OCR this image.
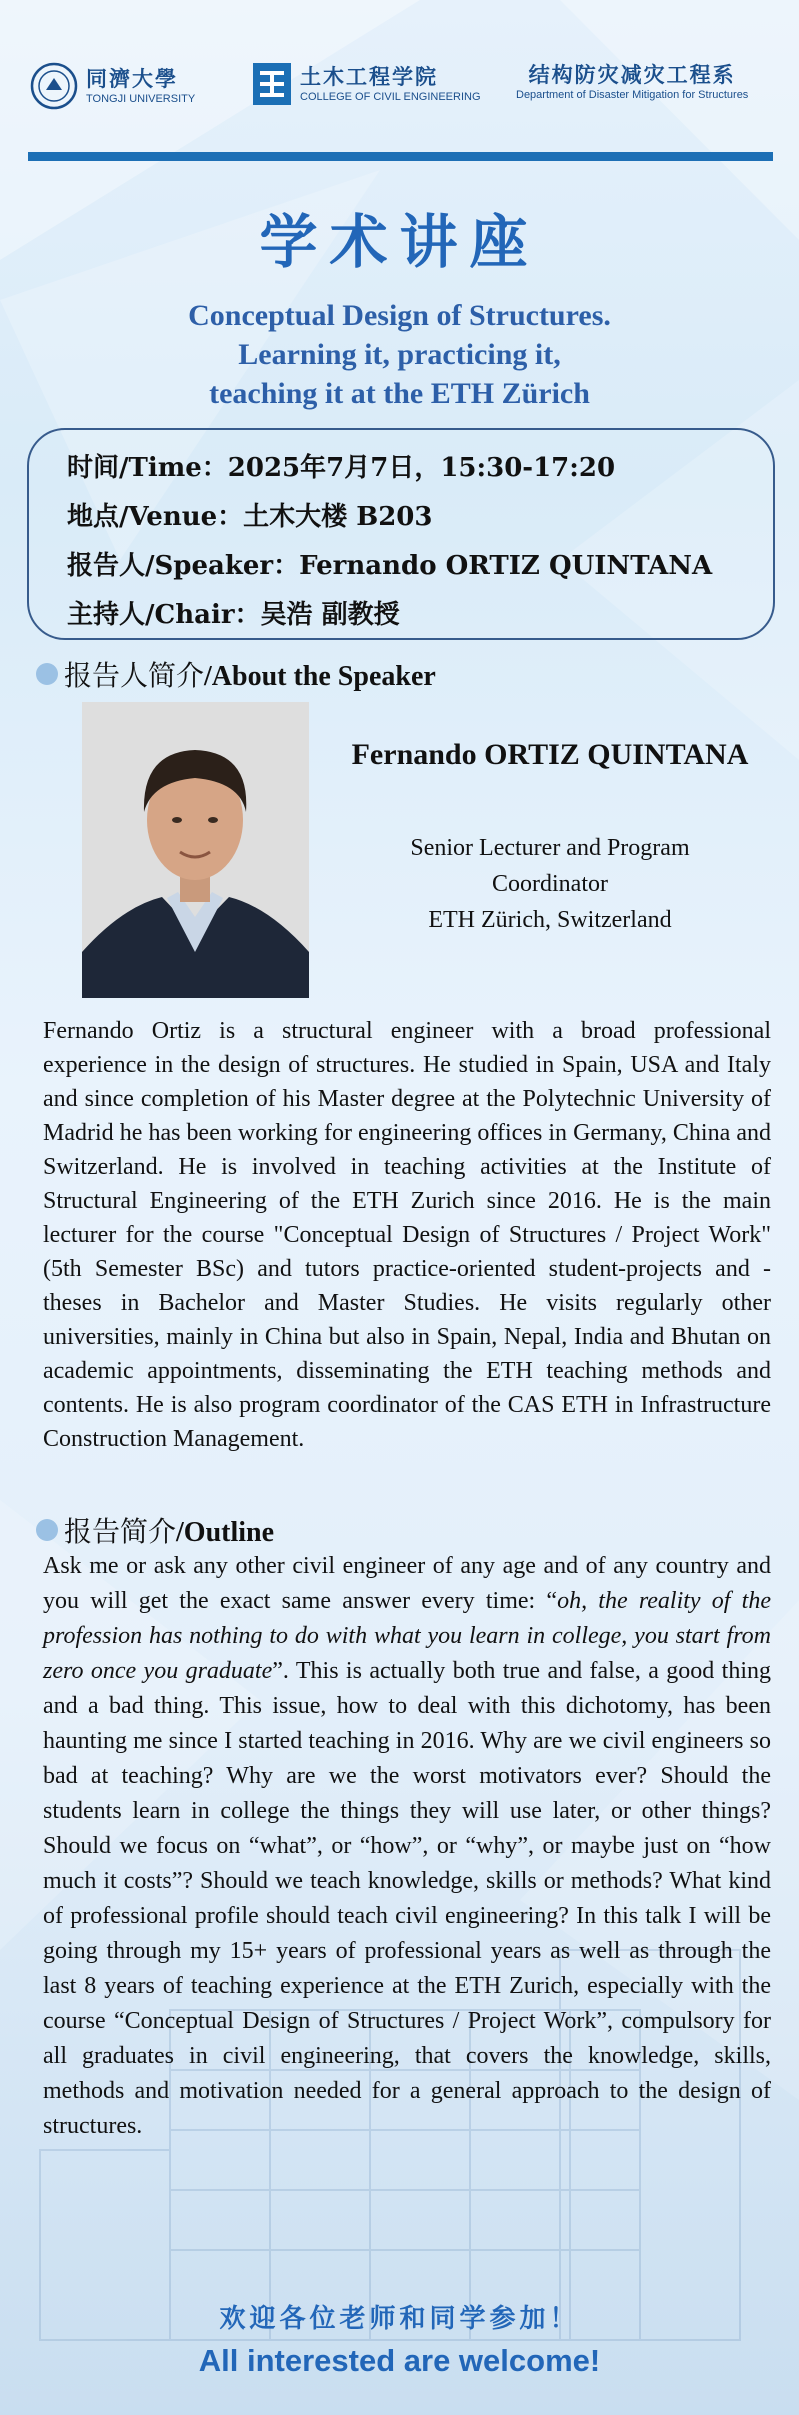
同濟大學
TONGJI UNIVERSITY
土木工程学院
COLLEGE OF CIVIL ENGINEERING
结构防灾减灾工程系
Department of Disaster Mitigation for Structures
学术讲座
Conceptual Design of Structures.
Learning it, practicing it,
teaching it at the ETH Zürich
时间/Time：2025年7月7日，15:30-17:20
地点/Venue：土木大楼 B203
报告人/Speaker：Fernando ORTIZ QUINTANA
主持人/Chair：吴浩 副教授
报告人简介/About the Speaker
Fernando ORTIZ QUINTANA
Senior Lecturer and Program
Coordinator
ETH Zürich, Switzerland

Fernando Ortiz is a structural engineer with a broad professional experience in the design of structures. He studied in Spain, USA and Italy and since completion of his Master degree at the Polytechnic University of Madrid he has been working for engineering offices in Germany, China and Switzerland. He is involved in teaching activities at the Institute of Structural Engineering of the ETH Zurich since 2016. He is the main lecturer for the course "Conceptual Design of Structures / Project Work" (5th Semester BSc) and tutors practice-oriented student-projects and -theses in Bachelor and Master Studies. He visits regularly other universities, mainly in China but also in Spain, Nepal, India and Bhutan on academic appointments, disseminating the ETH teaching methods and contents. He is also program coordinator of the CAS ETH in Infrastructure Construction Management.

报告简介/Outline

Ask me or ask any other civil engineer of any age and of any country and you will get the exact same answer every time: “oh, the reality of the profession has nothing to do with what you learn in college, you start from zero once you graduate”. This is actually both true and false, a good thing and a bad thing. This issue, how to deal with this dichotomy, has been haunting me since I started teaching in 2016. Why are we civil engineers so bad at teaching? Why are we the worst motivators ever? Should the students learn in college the things they will use later, or other things? Should we focus on “what”, or “how”, or “why”, or maybe just on “how much it costs”? Should we teach knowledge, skills or methods? What kind of professional profile should teach civil engineering? In this talk I will be going through my 15+ years of professional years as well as through the last 8 years of teaching experience at the ETH Zurich, especially with the course “Conceptual Design of Structures / Project Work”, compulsory for all graduates in civil engineering, that covers the knowledge, skills, methods and motivation needed for a general approach to the design of structures.

欢迎各位老师和同学参加！
All interested are welcome!
